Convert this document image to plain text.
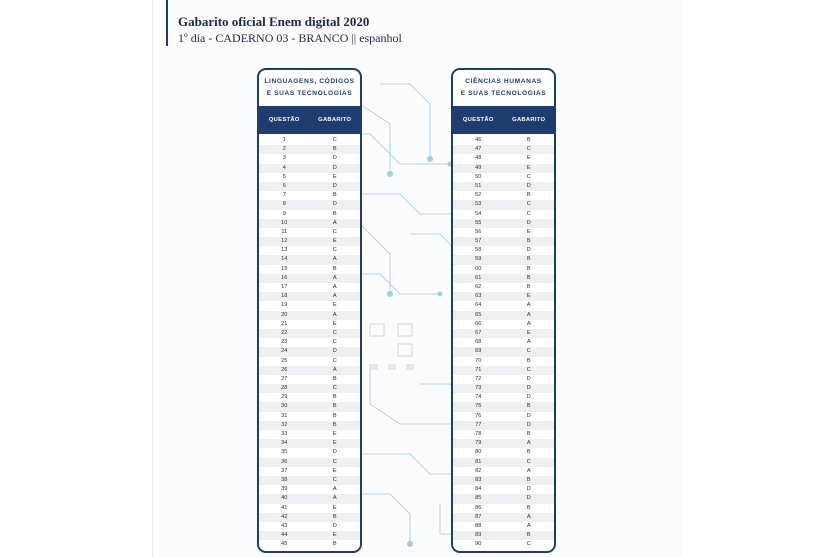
Gabarito oficial Enem digital 2020
1º dia - CADERNO 03 - BRANCO || espanhol
LINGUAGENS, CÓDIGOS
E SUAS TECNOLOGIAS
QUESTÃO	GABARITO
1	C
2	B
3	D
4	D
5	E
6	D
7	B
8	D
9	B
10	A
11	C
12	E
13	C
14	A
15	B
16	A
17	A
18	A
19	E
20	A
21	E
22	C
23	C
24	D
25	C
26	A
27	B
28	C
29	B
30	B
31	B
32	B
33	E
34	E
35	D
36	C
37	E
38	C
39	A
40	A
41	E
42	B
43	D
44	E
45	B
CIÊNCIAS HUMANAS
E SUAS TECNOLOGIAS
QUESTÃO	GABARITO
46	B
47	C
48	E
49	E
50	C
51	D
52	B
53	C
54	C
55	D
56	E
57	B
58	D
59	B
60	B
61	B
62	B
63	E
64	A
65	A
66	A
67	E
68	A
69	C
70	B
71	C
72	D
73	D
74	D
75	B
76	D
77	D
78	B
79	A
80	B
81	C
82	A
83	B
84	D
85	D
86	B
87	A
88	A
89	B
90	C
